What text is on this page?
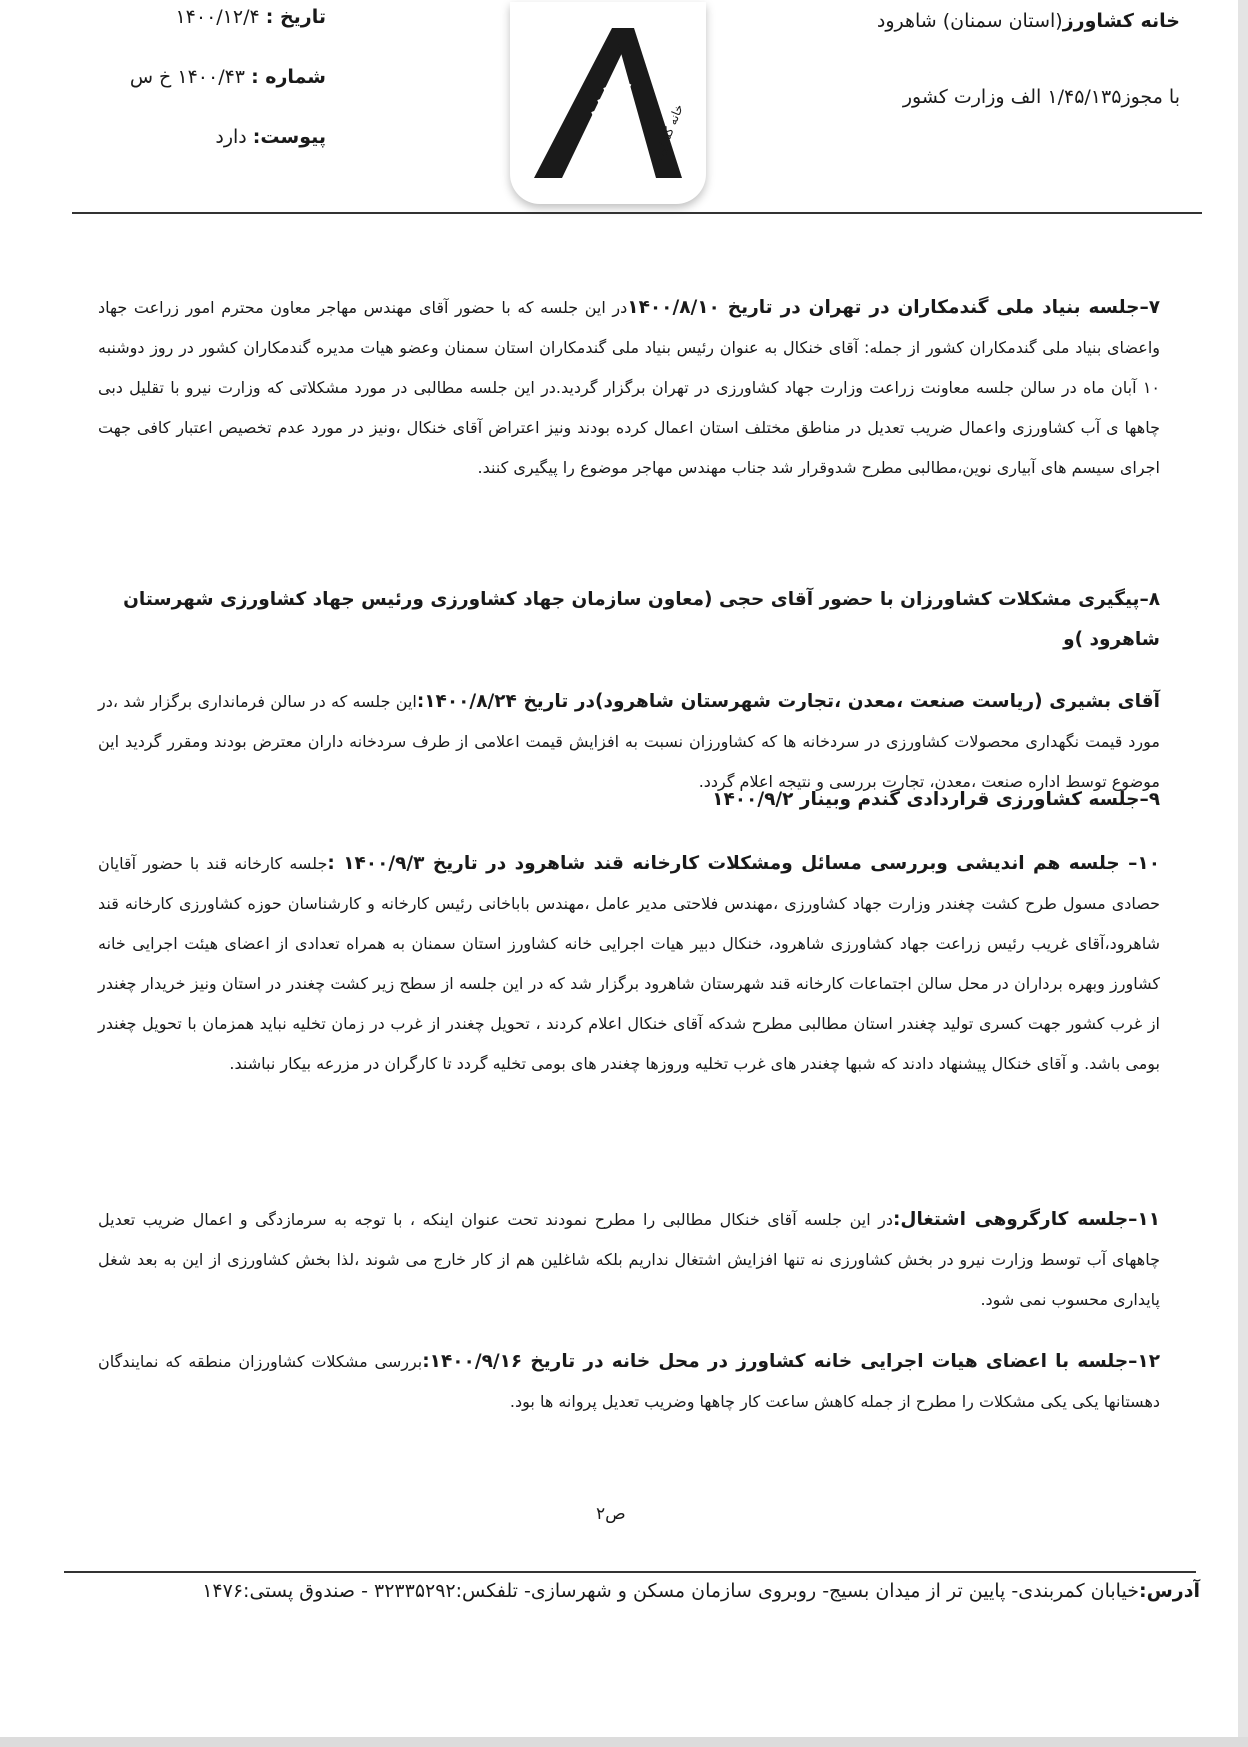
خانه کشاورز(استان سمنان) شاهرود
با مجوز۱/۴۵/۱۳۵ الف وزارت کشور
تاریخ : ۱۴۰۰/۱۲/۴
شماره : ۱۴۰۰/۴۳ خ س
پیوست: دارد	خانه کشاورز
۷–جلسه بنیاد ملی گندمکاران در تهران در تاریخ ۱۴۰۰/۸/۱۰در این جلسه که با حضور آقای مهندس مهاجر معاون محترم امور زراعت جهاد واعضای بنیاد ملی گندمکاران کشور از جمله: آقای خنکال به عنوان رئیس بنیاد ملی گندمکاران استان سمنان وعضو هیات مدیره گندمکاران کشور در روز دوشنبه ۱۰ آبان ماه در سالن جلسه معاونت زراعت وزارت جهاد کشاورزی در تهران برگزار گردید.در این جلسه مطالبی در مورد مشکلاتی که وزارت نیرو با تقلیل دبی چاهها ی آب کشاورزی واعمال ضریب تعدیل در مناطق مختلف استان اعمال کرده بودند ونیز اعتراض آقای خنکال ،ونیز در مورد عدم تخصیص اعتبار کافی جهت اجرای سیسم های آبیاری نوین،مطالبی مطرح شدوقرار شد جناب مهندس مهاجر موضوع را پیگیری کنند.
۸–پیگیری مشکلات کشاورزان با حضور آقای حجی (معاون سازمان جهاد کشاورزی ورئیس جهاد کشاورزی شهرستان شاهرود )و
آقای بشیری (ریاست صنعت ،معدن ،تجارت شهرستان شاهرود)در تاریخ ۱۴۰۰/۸/۲۴:این جلسه که در سالن فرمانداری برگزار شد ،در مورد قیمت نگهداری محصولات کشاورزی در سردخانه ها که کشاورزان نسبت به افزایش قیمت اعلامی از طرف سردخانه داران معترض بودند ومقرر گردید این موضوع توسط اداره صنعت ،معدن، تجارت بررسی و نتیجه اعلام گردد.
۹–جلسه کشاورزی قراردادی گندم وبینار ۱۴۰۰/۹/۲
۱۰– جلسه هم اندیشی وبررسی مسائل ومشکلات کارخانه قند شاهرود در تاریخ ۱۴۰۰/۹/۳ :جلسه کارخانه قند با حضور آقایان حصادی مسول طرح کشت چغندر وزارت جهاد کشاورزی ،مهندس فلاحتی مدیر عامل ،مهندس باباخانی رئیس کارخانه و کارشناسان حوزه کشاورزی کارخانه قند شاهرود،آقای غریب رئیس زراعت جهاد کشاورزی شاهرود، خنکال دبیر هیات اجرایی خانه کشاورز استان سمنان به همراه تعدادی از اعضای هیئت اجرایی خانه کشاورز وبهره برداران در محل سالن اجتماعات کارخانه قند شهرستان شاهرود برگزار شد که در این جلسه از سطح زیر کشت چغندر در استان ونیز خریدار چغندر از غرب کشور جهت کسری تولید چغندر استان مطالبی مطرح شدکه آقای خنکال اعلام کردند ، تحویل چغندر از غرب در زمان تخلیه نباید همزمان با تحویل چغندر بومی باشد. و آقای خنکال پیشنهاد دادند که شبها چغندر های غرب تخلیه وروزها چغندر های بومی تخلیه گردد تا کارگران در مزرعه بیکار نباشند.
۱۱–جلسه کارگروهی اشتغال:در این جلسه آقای خنکال مطالبی را مطرح نمودند تحت عنوان اینکه ، با توجه به سرمازدگی و اعمال ضریب تعدیل چاههای آب توسط وزارت نیرو در بخش کشاورزی نه تنها افزایش اشتغال نداریم بلکه شاغلین هم از کار خارج می شوند ،لذا بخش کشاورزی از این به بعد شغل پایداری محسوب نمی شود.
۱۲–جلسه با اعضای هیات اجرایی خانه کشاورز در محل خانه در تاریخ ۱۴۰۰/۹/۱۶:بررسی مشکلات کشاورزان منطقه که نمایندگان دهستانها یکی یکی مشکلات را مطرح از جمله کاهش ساعت کار چاهها وضریب تعدیل پروانه ها بود.
ص۲
آدرس:خیابان کمربندی- پایین تر از میدان بسیج- روبروی سازمان مسکن و شهرسازی- تلفکس:۳۲۳۳۵۲۹۲ - صندوق پستی:۱۴۷۶
